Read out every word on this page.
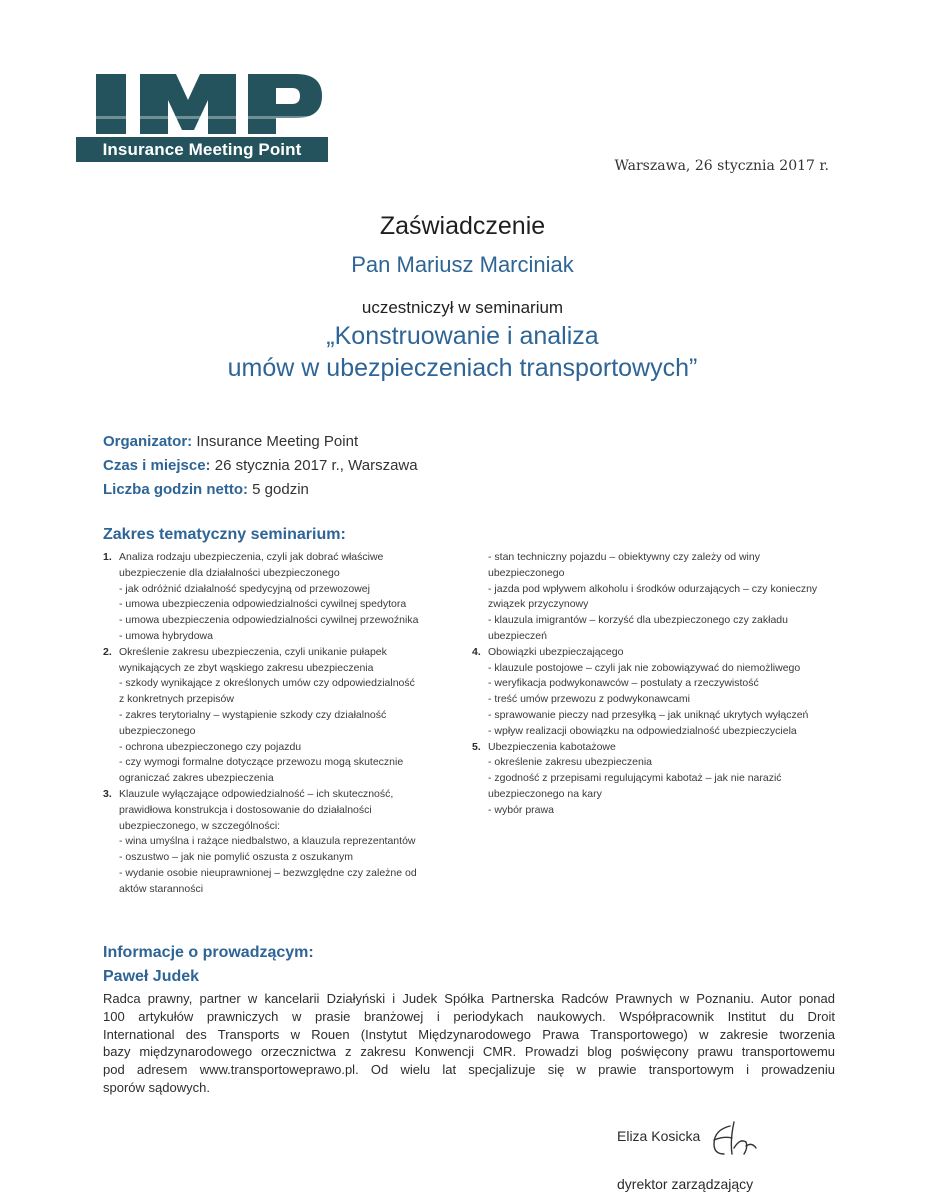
Insurance Meeting Point
Warszawa, 26 stycznia 2017 r.
Zaświadczenie
Pan Mariusz Marciniak
uczestniczył w seminarium
„Konstruowanie i analiza
umów w ubezpieczeniach transportowych”
Organizator: Insurance Meeting Point
Czas i miejsce: 26 stycznia 2017 r., Warszawa
Liczba godzin netto: 5 godzin
Zakres tematyczny seminarium:
1. Analiza rodzaju ubezpieczenia, czyli jak dobrać właściwe
ubezpieczenie dla działalności ubezpieczonego
- jak odróżnić działalność spedycyjną od przewozowej
- umowa ubezpieczenia odpowiedzialności cywilnej spedytora
- umowa ubezpieczenia odpowiedzialności cywilnej przewoźnika
- umowa hybrydowa
2. Określenie zakresu ubezpieczenia, czyli unikanie pułapek
wynikających ze zbyt wąskiego zakresu ubezpieczenia
- szkody wynikające z określonych umów czy odpowiedzialność
z konkretnych przepisów
- zakres terytorialny – wystąpienie szkody czy działalność
ubezpieczonego
- ochrona ubezpieczonego czy pojazdu
- czy wymogi formalne dotyczące przewozu mogą skutecznie
ograniczać zakres ubezpieczenia
3. Klauzule wyłączające odpowiedzialność – ich skuteczność,
prawidłowa konstrukcja i dostosowanie do działalności
ubezpieczonego, w szczególności:
- wina umyślna i rażące niedbalstwo, a klauzula reprezentantów
- oszustwo – jak nie pomylić oszusta z oszukanym
- wydanie osobie nieuprawnionej – bezwzględne czy zależne od
aktów staranności
- stan techniczny pojazdu – obiektywny czy zależy od winy
ubezpieczonego
- jazda pod wpływem alkoholu i środków odurzających – czy konieczny
związek przyczynowy
- klauzula imigrantów – korzyść dla ubezpieczonego czy zakładu
ubezpieczeń
4. Obowiązki ubezpieczającego
- klauzule postojowe – czyli jak nie zobowiązywać do niemożliwego
- weryfikacja podwykonawców – postulaty a rzeczywistość
- treść umów przewozu z podwykonawcami
- sprawowanie pieczy nad przesyłką – jak uniknąć ukrytych wyłączeń
- wpływ realizacji obowiązku na odpowiedzialność ubezpieczyciela
5. Ubezpieczenia kabotażowe
- określenie zakresu ubezpieczenia
- zgodność z przepisami regulującymi kabotaż – jak nie narazić
ubezpieczonego na kary
- wybór prawa
Informacje o prowadzącym:
Paweł Judek
Radca prawny, partner w kancelarii Działyński i Judek Spółka Partnerska Radców Prawnych w Poznaniu. Autor ponad
100 artykułów prawniczych w prasie branżowej i periodykach naukowych. Współpracownik Institut du Droit
International des Transports w Rouen (Instytut Międzynarodowego Prawa Transportowego) w zakresie tworzenia
bazy międzynarodowego orzecznictwa z zakresu Konwencji CMR. Prowadzi blog poświęcony prawu transportowemu
pod adresem www.transportoweprawo.pl. Od wielu lat specjalizuje się w prawie transportowym i prowadzeniu
sporów sądowych.
Eliza Kosicka
dyrektor zarządzający
